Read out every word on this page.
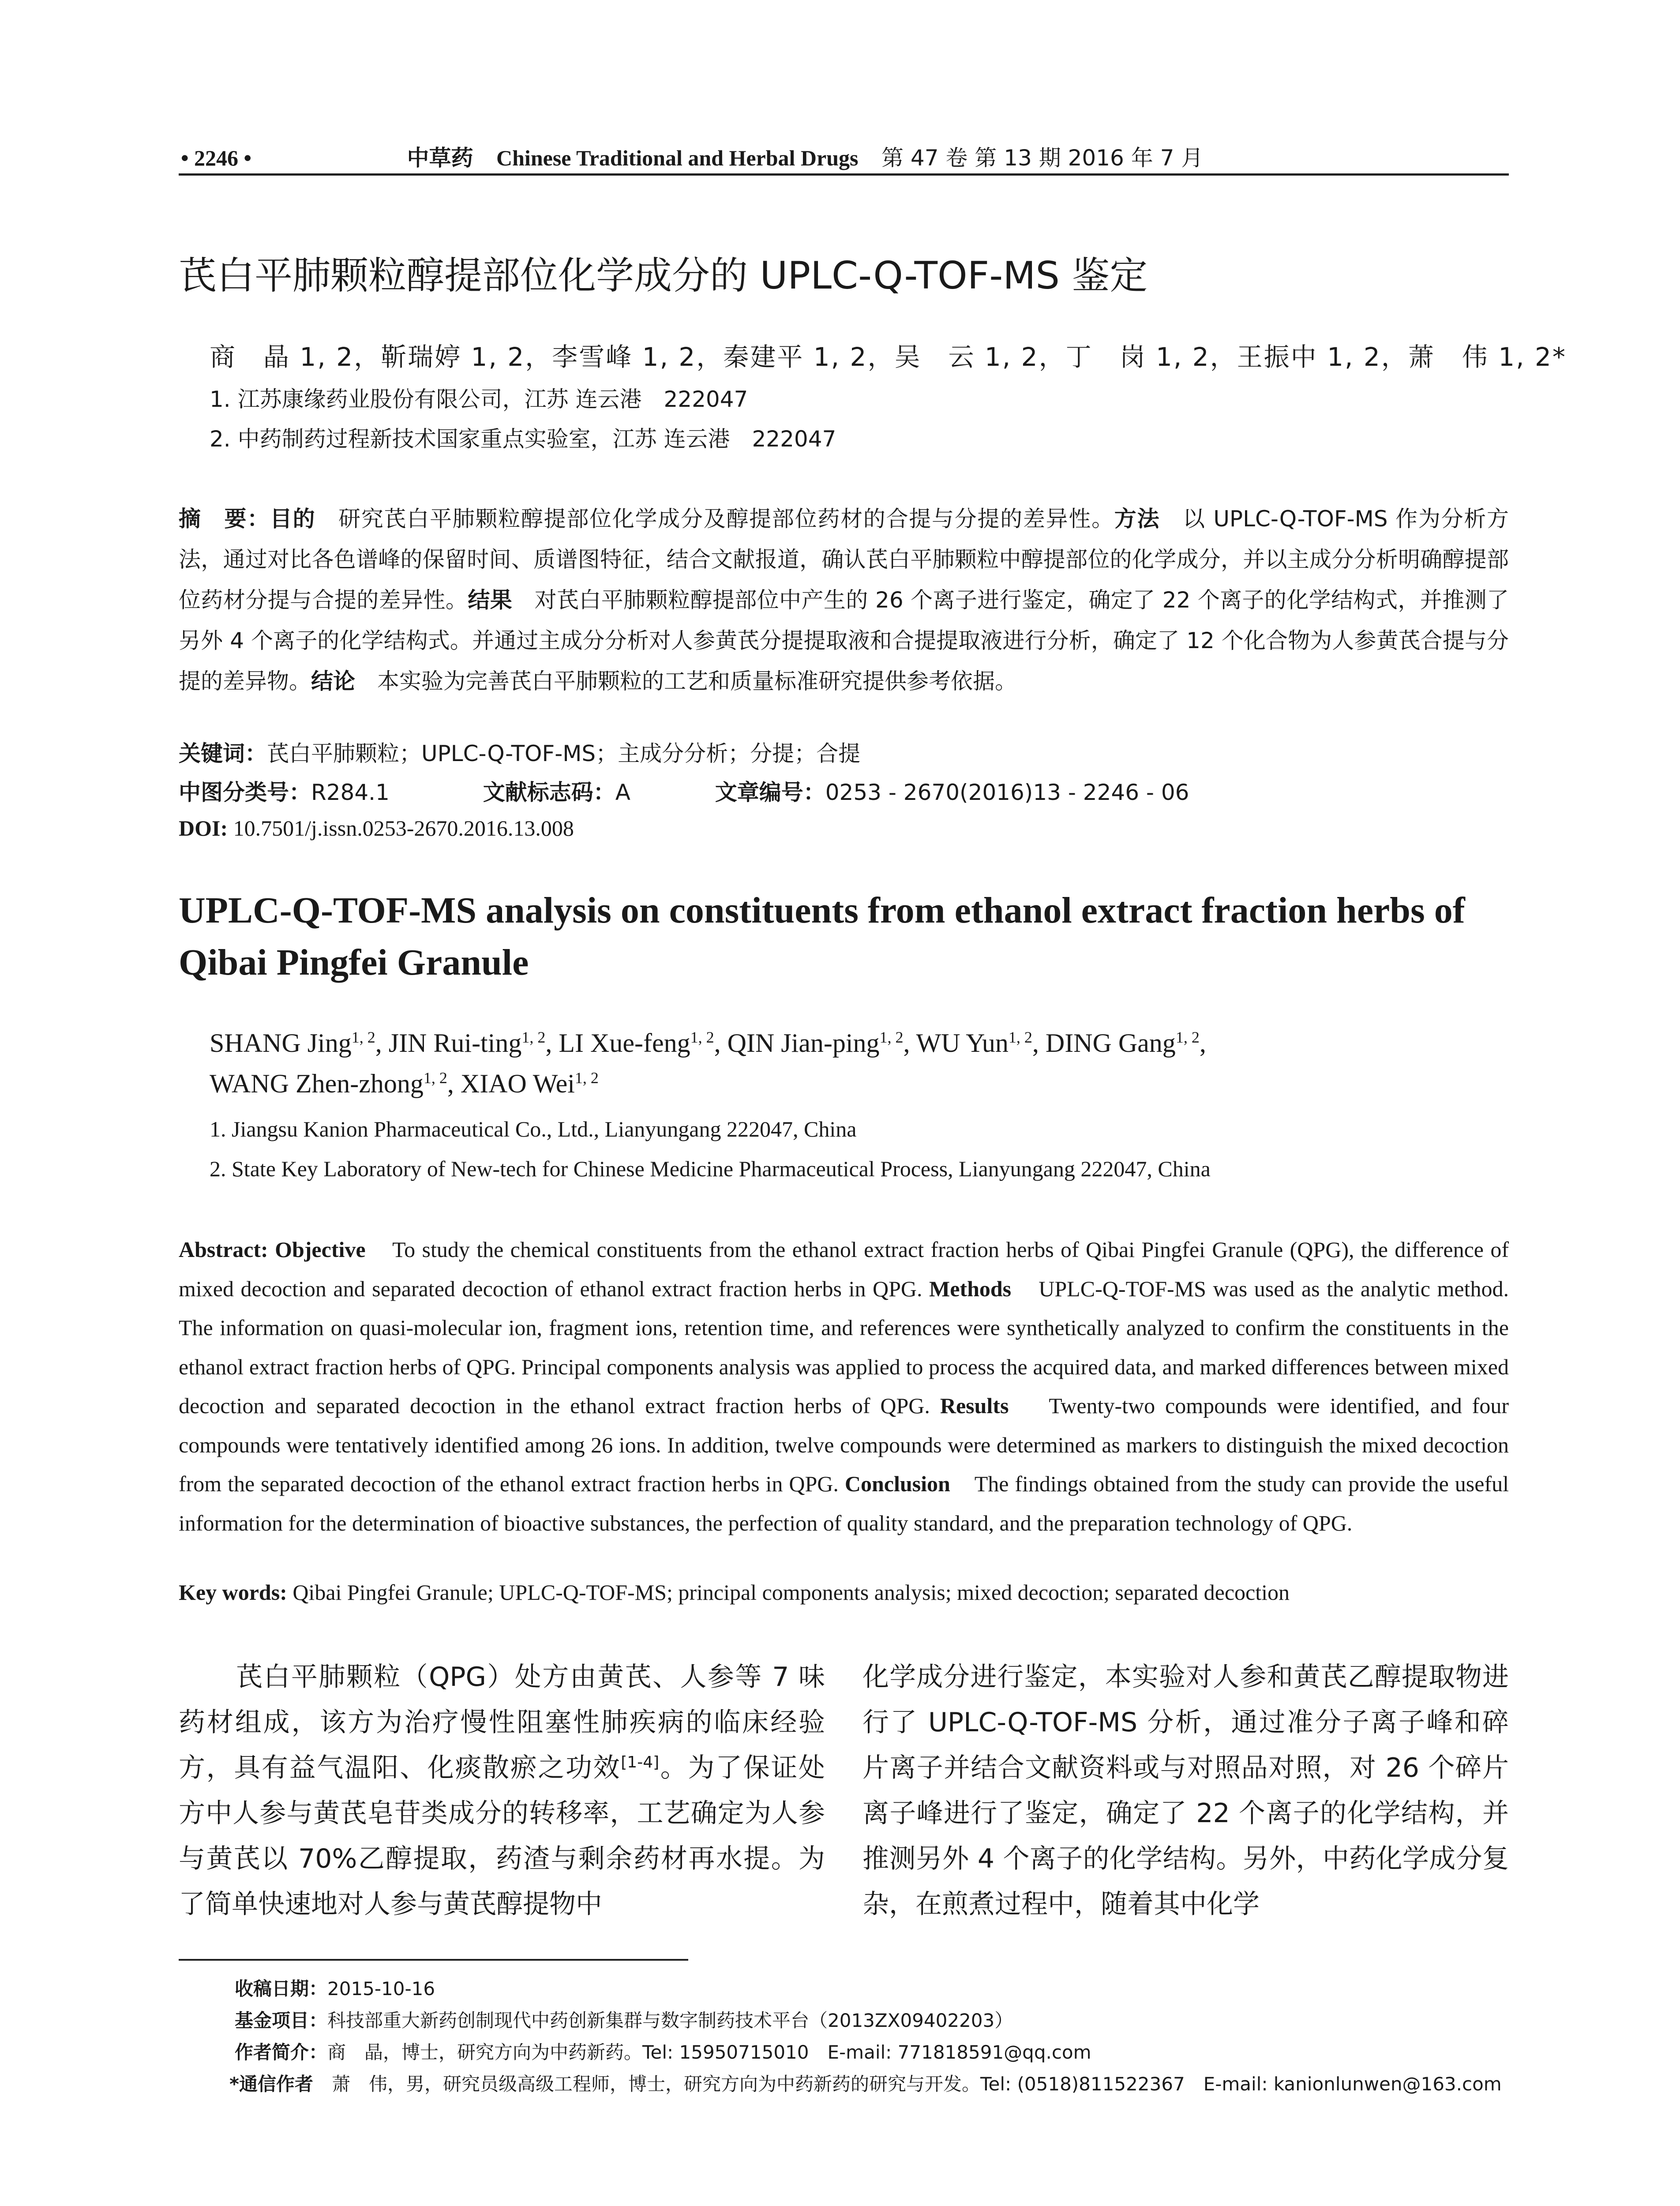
• 2246 •	中草药 Chinese Traditional and Herbal Drugs 第 47 卷 第 13 期 2016 年 7 月
芪白平肺颗粒醇提部位化学成分的 UPLC-Q-TOF-MS 鉴定
商　晶 1, 2，靳瑞婷 1, 2，李雪峰 1, 2，秦建平 1, 2，吴　云 1, 2，丁　岗 1, 2，王振中 1, 2，萧　伟 1, 2*
1. 江苏康缘药业股份有限公司，江苏 连云港　222047
2. 中药制药过程新技术国家重点实验室，江苏 连云港　222047
摘　要：目的　 研究芪白平肺颗粒醇提部位化学成分及醇提部位药材的合提与分提的差异性。方法　 以 UPLC-Q-TOF-MS 作为分析方法，通过对比各色谱峰的保留时间、质谱图特征，结合文献报道，确认芪白平肺颗粒中醇提部位的化学成分，并以主成分分析明确醇提部位药材分提与合提的差异性。结果　 对芪白平肺颗粒醇提部位中产生的 26 个离子进行鉴定，确定了 22 个离子的化学结构式，并推测了另外 4 个离子的化学结构式。并通过主成分分析对人参黄芪分提提取液和合提提取液进行分析，确定了 12 个化合物为人参黄芪合提与分提的差异物。结论　 本实验为完善芪白平肺颗粒的工艺和质量标准研究提供参考依据。
关键词：芪白平肺颗粒；UPLC-Q-TOF-MS；主成分分析；分提；合提
中图分类号：R284.1	文献标志码：A	文章编号：0253 - 2670(2016)13 - 2246 - 06
DOI: 10.7501/j.issn.0253-2670.2016.13.008
UPLC-Q-TOF-MS analysis on constituents from ethanol extract fraction herbs of Qibai Pingfei Granule
SHANG Jing$^{1, 2}$, JIN Rui-ting$^{1, 2}$, LI Xue-feng$^{1, 2}$, QIN Jian-ping$^{1, 2}$, WU Yun$^{1, 2}$, DING Gang$^{1, 2}$,
WANG Zhen-zhong$^{1, 2}$, XIAO Wei$^{1, 2}$
1. Jiangsu Kanion Pharmaceutical Co., Ltd., Lianyungang 222047, China
2. State Key Laboratory of New-tech for Chinese Medicine Pharmaceutical Process, Lianyungang 222047, China
Abstract: Objective To study the chemical constituents from the ethanol extract fraction herbs of Qibai Pingfei Granule (QPG), the difference of mixed decoction and separated decoction of ethanol extract fraction herbs in QPG. Methods UPLC-Q-TOF-MS was used as the analytic method. The information on quasi-molecular ion, fragment ions, retention time, and references were synthetically analyzed to confirm the constituents in the ethanol extract fraction herbs of QPG. Principal components analysis was applied to process the acquired data, and marked differences between mixed decoction and separated decoction in the ethanol extract fraction herbs of QPG. Results Twenty-two compounds were identified, and four compounds were tentatively identified among 26 ions. In addition, twelve compounds were determined as markers to distinguish the mixed decoction from the separated decoction of the ethanol extract fraction herbs in QPG. Conclusion The findings obtained from the study can provide the useful information for the determination of bioactive substances, the perfection of quality standard, and the preparation technology of QPG.
Key words: Qibai Pingfei Granule; UPLC-Q-TOF-MS; principal components analysis; mixed decoction; separated decoction
芪白平肺颗粒（QPG）处方由黄芪、人参等 7 味药材组成，该方为治疗慢性阻塞性肺疾病的临床经验方，具有益气温阳、化痰散瘀之功效[1-4]。为了保证处方中人参与黄芪皂苷类成分的转移率，工艺确定为人参与黄芪以 70%乙醇提取，药渣与剩余药材再水提。为了简单快速地对人参与黄芪醇提物中
化学成分进行鉴定，本实验对人参和黄芪乙醇提取物进行了 UPLC-Q-TOF-MS 分析，通过准分子离子峰和碎片离子并结合文献资料或与对照品对照，对 26 个碎片离子峰进行了鉴定，确定了 22 个离子的化学结构，并推测另外 4 个离子的化学结构。另外，中药化学成分复杂，在煎煮过程中，随着其中化学
收稿日期：2015-10-16
基金项目：科技部重大新药创制现代中药创新集群与数字制药技术平台（2013ZX09402203）
作者简介：商　晶，博士，研究方向为中药新药。Tel: 15950715010　E-mail: 771818591@qq.com
*通信作者　 萧　伟，男，研究员级高级工程师，博士，研究方向为中药新药的研究与开发。Tel: (0518)811522367　E-mail: kanionlunwen@163.com
